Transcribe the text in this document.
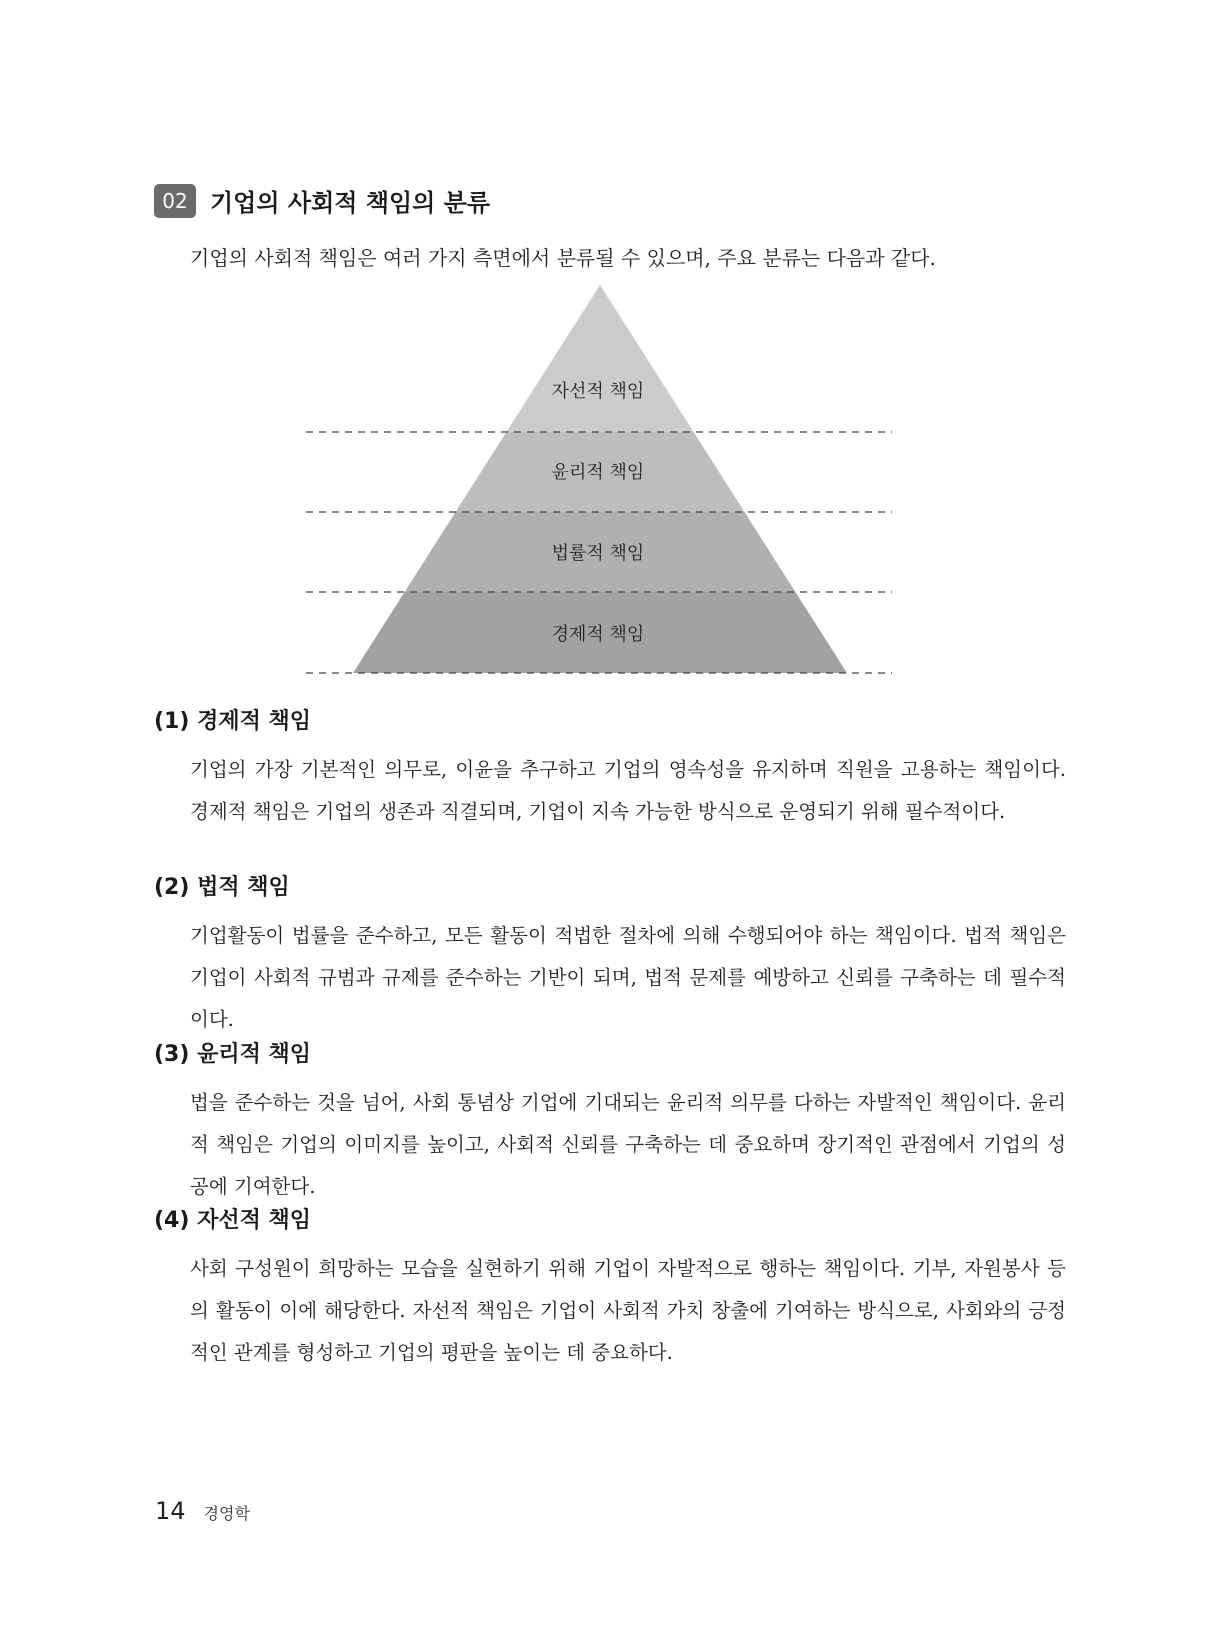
02 기업의 사회적 책임의 분류
기업의 사회적 책임은 여러 가지 측면에서 분류될 수 있으며, 주요 분류는 다음과 같다.
자선적 책임
윤리적 책임
법률적 책임
경제적 책임
(1) 경제적 책임

기업의 가장 기본적인 의무로, 이윤을 추구하고 기업의 영속성을 유지하며 직원을 고용하는 책임이다. 경제적 책임은 기업의 생존과 직결되며, 기업이 지속 가능한 방식으로 운영되기 위해 필수적이다.

(2) 법적 책임

기업활동이 법률을 준수하고, 모든 활동이 적법한 절차에 의해 수행되어야 하는 책임이다. 법적 책임은 기업이 사회적 규범과 규제를 준수하는 기반이 되며, 법적 문제를 예방하고 신뢰를 구축하는 데 필수적이다.

(3) 윤리적 책임

법을 준수하는 것을 넘어, 사회 통념상 기업에 기대되는 윤리적 의무를 다하는 자발적인 책임이다. 윤리적 책임은 기업의 이미지를 높이고, 사회적 신뢰를 구축하는 데 중요하며 장기적인 관점에서 기업의 성공에 기여한다.

(4) 자선적 책임

사회 구성원이 희망하는 모습을 실현하기 위해 기업이 자발적으로 행하는 책임이다. 기부, 자원봉사 등의 활동이 이에 해당한다. 자선적 책임은 기업이 사회적 가치 창출에 기여하는 방식으로, 사회와의 긍정적인 관계를 형성하고 기업의 평판을 높이는 데 중요하다.

14 경영학
